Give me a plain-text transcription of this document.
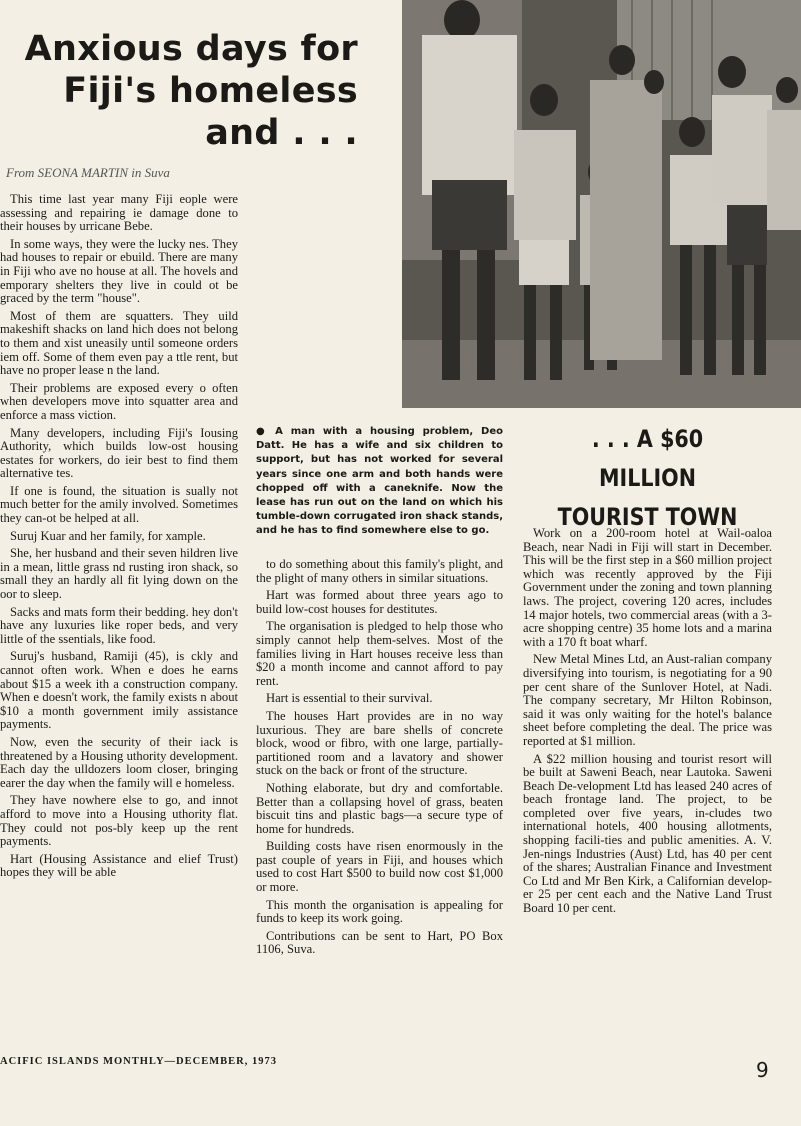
Anxious days for
Fiji's homeless
and . . .

From SEONA MARTIN in Suva

This time last year many Fiji eople were assessing and repairing ie damage done to their houses by urricane Bebe.

In some ways, they were the lucky nes. They had houses to repair or ebuild. There are many in Fiji who ave no house at all. The hovels and emporary shelters they live in could ot be graced by the term "house".

Most of them are squatters. They uild makeshift shacks on land hich does not belong to them and xist uneasily until someone orders iem off. Some of them even pay a ttle rent, but have no proper lease n the land.

Their problems are exposed every o often when developers move into squatter area and enforce a mass viction.

Many developers, including Fiji's Iousing Authority, which builds low-ost housing estates for workers, do ieir best to find them alternative tes.

If one is found, the situation is sually not much better for the amily involved. Sometimes they can-ot be helped at all.

Suruj Kuar and her family, for xample.

She, her husband and their seven hildren live in a mean, little grass nd rusting iron shack, so small they an hardly all fit lying down on the oor to sleep.

Sacks and mats form their bedding. hey don't have any luxuries like roper beds, and very little of the ssentials, like food.

Suruj's husband, Ramiji (45), is ckly and cannot often work. When e does he earns about $15 a week ith a construction company. When e doesn't work, the family exists n about $10 a month government imily assistance payments.

Now, even the security of their iack is threatened by a Housing uthority development. Each day the ulldozers loom closer, bringing earer the day when the family will e homeless.

They have nowhere else to go, and innot afford to move into a Housing uthority flat. They could not pos-bly keep up the rent payments.

Hart (Housing Assistance and elief Trust) hopes they will be able

● A man with a housing problem, Deo Datt. He has a wife and six children to support, but has not worked for several years since one arm and both hands were chopped off with a caneknife. Now the lease has run out on the land on which his tumble-down corrugated iron shack stands, and he has to find somewhere else to go.

to do something about this family's plight, and the plight of many others in similar situations.

Hart was formed about three years ago to build low-cost houses for destitutes.

The organisation is pledged to help those who simply cannot help them-selves. Most of the families living in Hart houses receive less than $20 a month income and cannot afford to pay rent.

Hart is essential to their survival.

The houses Hart provides are in no way luxurious. They are bare shells of concrete block, wood or fibro, with one large, partially-partitioned room and a lavatory and shower stuck on the back or front of the structure.

Nothing elaborate, but dry and comfortable. Better than a collapsing hovel of grass, beaten biscuit tins and plastic bags—a secure type of home for hundreds.

Building costs have risen enormously in the past couple of years in Fiji, and houses which used to cost Hart $500 to build now cost $1,000 or more.

This month the organisation is appealing for funds to keep its work going.

Contributions can be sent to Hart, PO Box 1106, Suva.

. . . A $60 MILLION
TOURIST TOWN

Work on a 200-room hotel at Wail-oaloa Beach, near Nadi in Fiji will start in December. This will be the first step in a $60 million project which was recently approved by the Fiji Government under the zoning and town planning laws. The project, covering 120 acres, includes 14 major hotels, two commercial areas (with a 3-acre shopping centre) 35 home lots and a marina with a 170 ft boat wharf.

New Metal Mines Ltd, an Aust-ralian company diversifying into tourism, is negotiating for a 90 per cent share of the Sunlover Hotel, at Nadi. The company secretary, Mr Hilton Robinson, said it was only waiting for the hotel's balance sheet before completing the deal. The price was reported at $1 million.

A $22 million housing and tourist resort will be built at Saweni Beach, near Lautoka. Saweni Beach De-velopment Ltd has leased 240 acres of beach frontage land. The project, to be completed over five years, in-cludes two international hotels, 400 housing allotments, shopping facili-ties and public amenities. A. V. Jen-nings Industries (Aust) Ltd, has 40 per cent of the shares; Australian Finance and Investment Co Ltd and Mr Ben Kirk, a Californian develop-er 25 per cent each and the Native Land Trust Board 10 per cent.

ACIFIC ISLANDS MONTHLY—DECEMBER, 1973	9
